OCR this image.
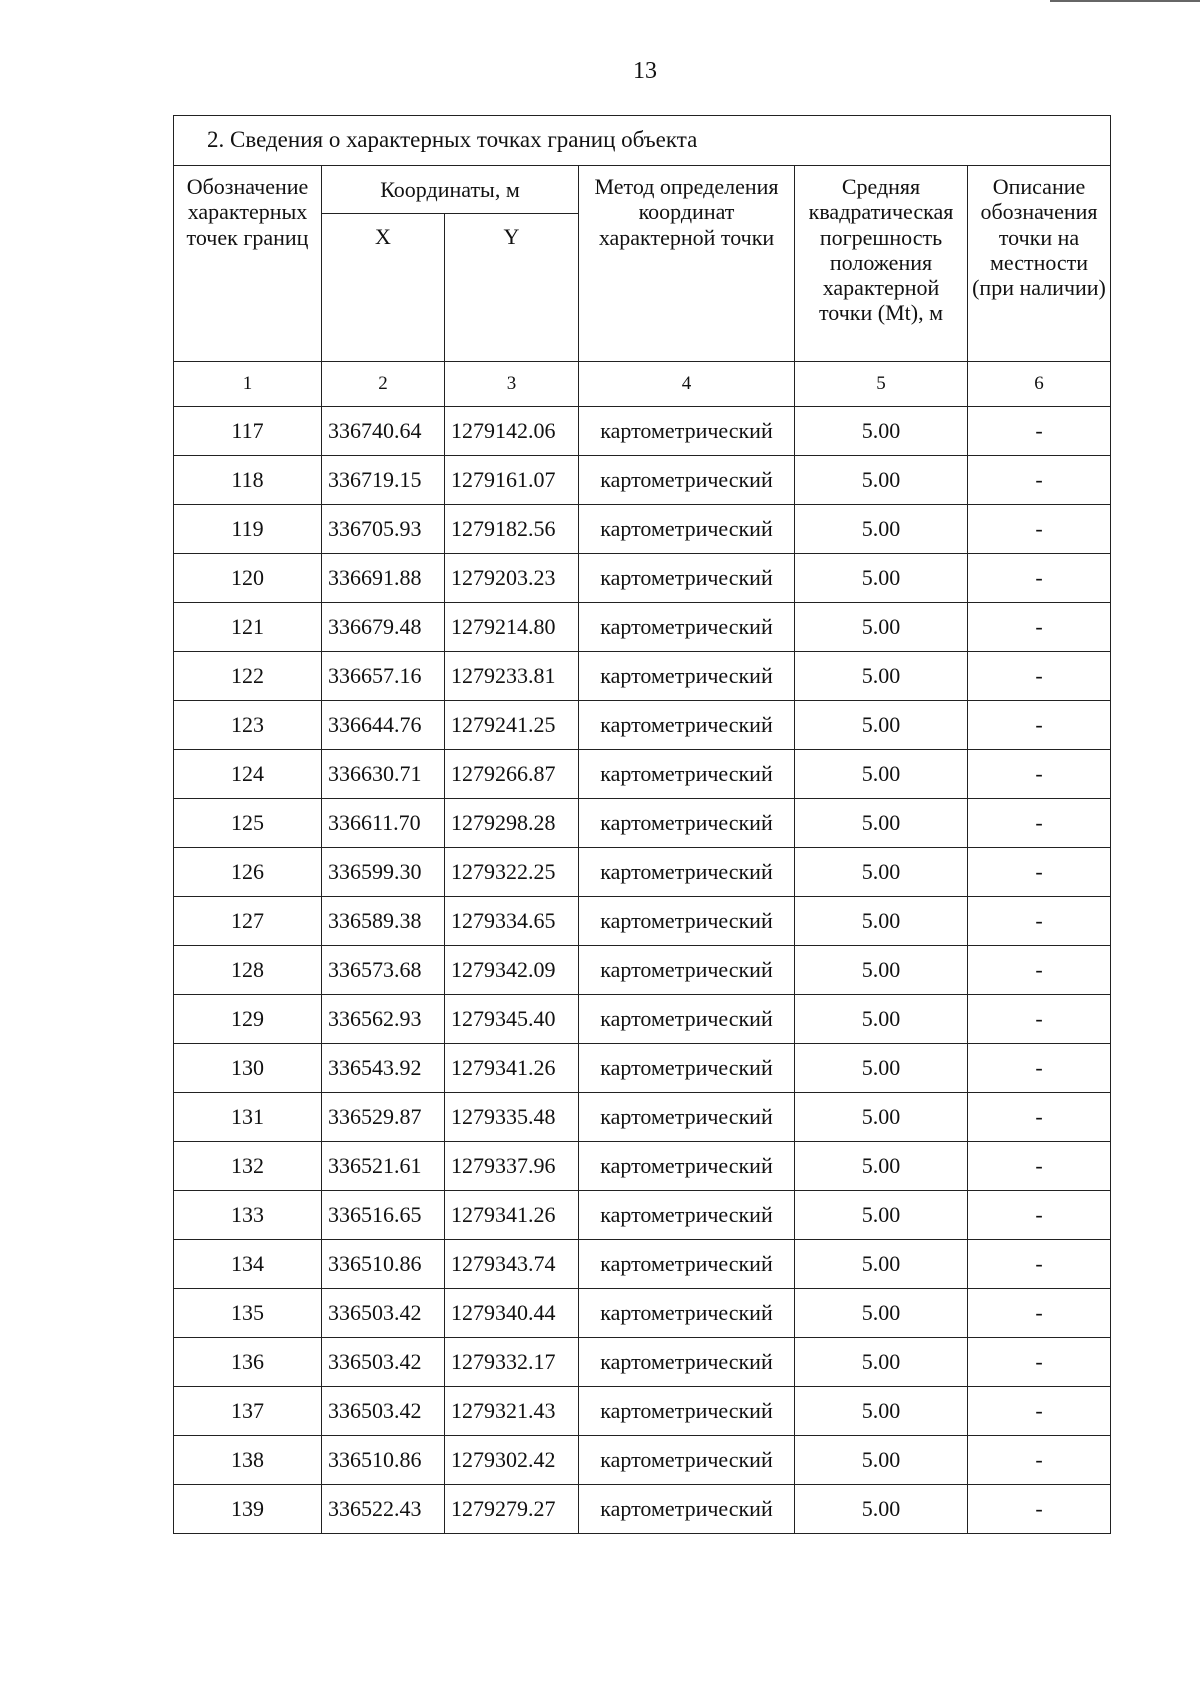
13
2. Сведения о характерных точках границ объекта					
Обозначение характерных точек границ	Координаты, м		Метод определения координат характерной точки	Средняя квадратическая погрешность положения характерной точки (Mt), м	Описание обозначения точки на местности (при наличии)
	X	Y			
1	2	3	4	5	6
117	336740.64	1279142.06	картометрический	5.00	-
118	336719.15	1279161.07	картометрический	5.00	-
119	336705.93	1279182.56	картометрический	5.00	-
120	336691.88	1279203.23	картометрический	5.00	-
121	336679.48	1279214.80	картометрический	5.00	-
122	336657.16	1279233.81	картометрический	5.00	-
123	336644.76	1279241.25	картометрический	5.00	-
124	336630.71	1279266.87	картометрический	5.00	-
125	336611.70	1279298.28	картометрический	5.00	-
126	336599.30	1279322.25	картометрический	5.00	-
127	336589.38	1279334.65	картометрический	5.00	-
128	336573.68	1279342.09	картометрический	5.00	-
129	336562.93	1279345.40	картометрический	5.00	-
130	336543.92	1279341.26	картометрический	5.00	-
131	336529.87	1279335.48	картометрический	5.00	-
132	336521.61	1279337.96	картометрический	5.00	-
133	336516.65	1279341.26	картометрический	5.00	-
134	336510.86	1279343.74	картометрический	5.00	-
135	336503.42	1279340.44	картометрический	5.00	-
136	336503.42	1279332.17	картометрический	5.00	-
137	336503.42	1279321.43	картометрический	5.00	-
138	336510.86	1279302.42	картометрический	5.00	-
139	336522.43	1279279.27	картометрический	5.00	-
